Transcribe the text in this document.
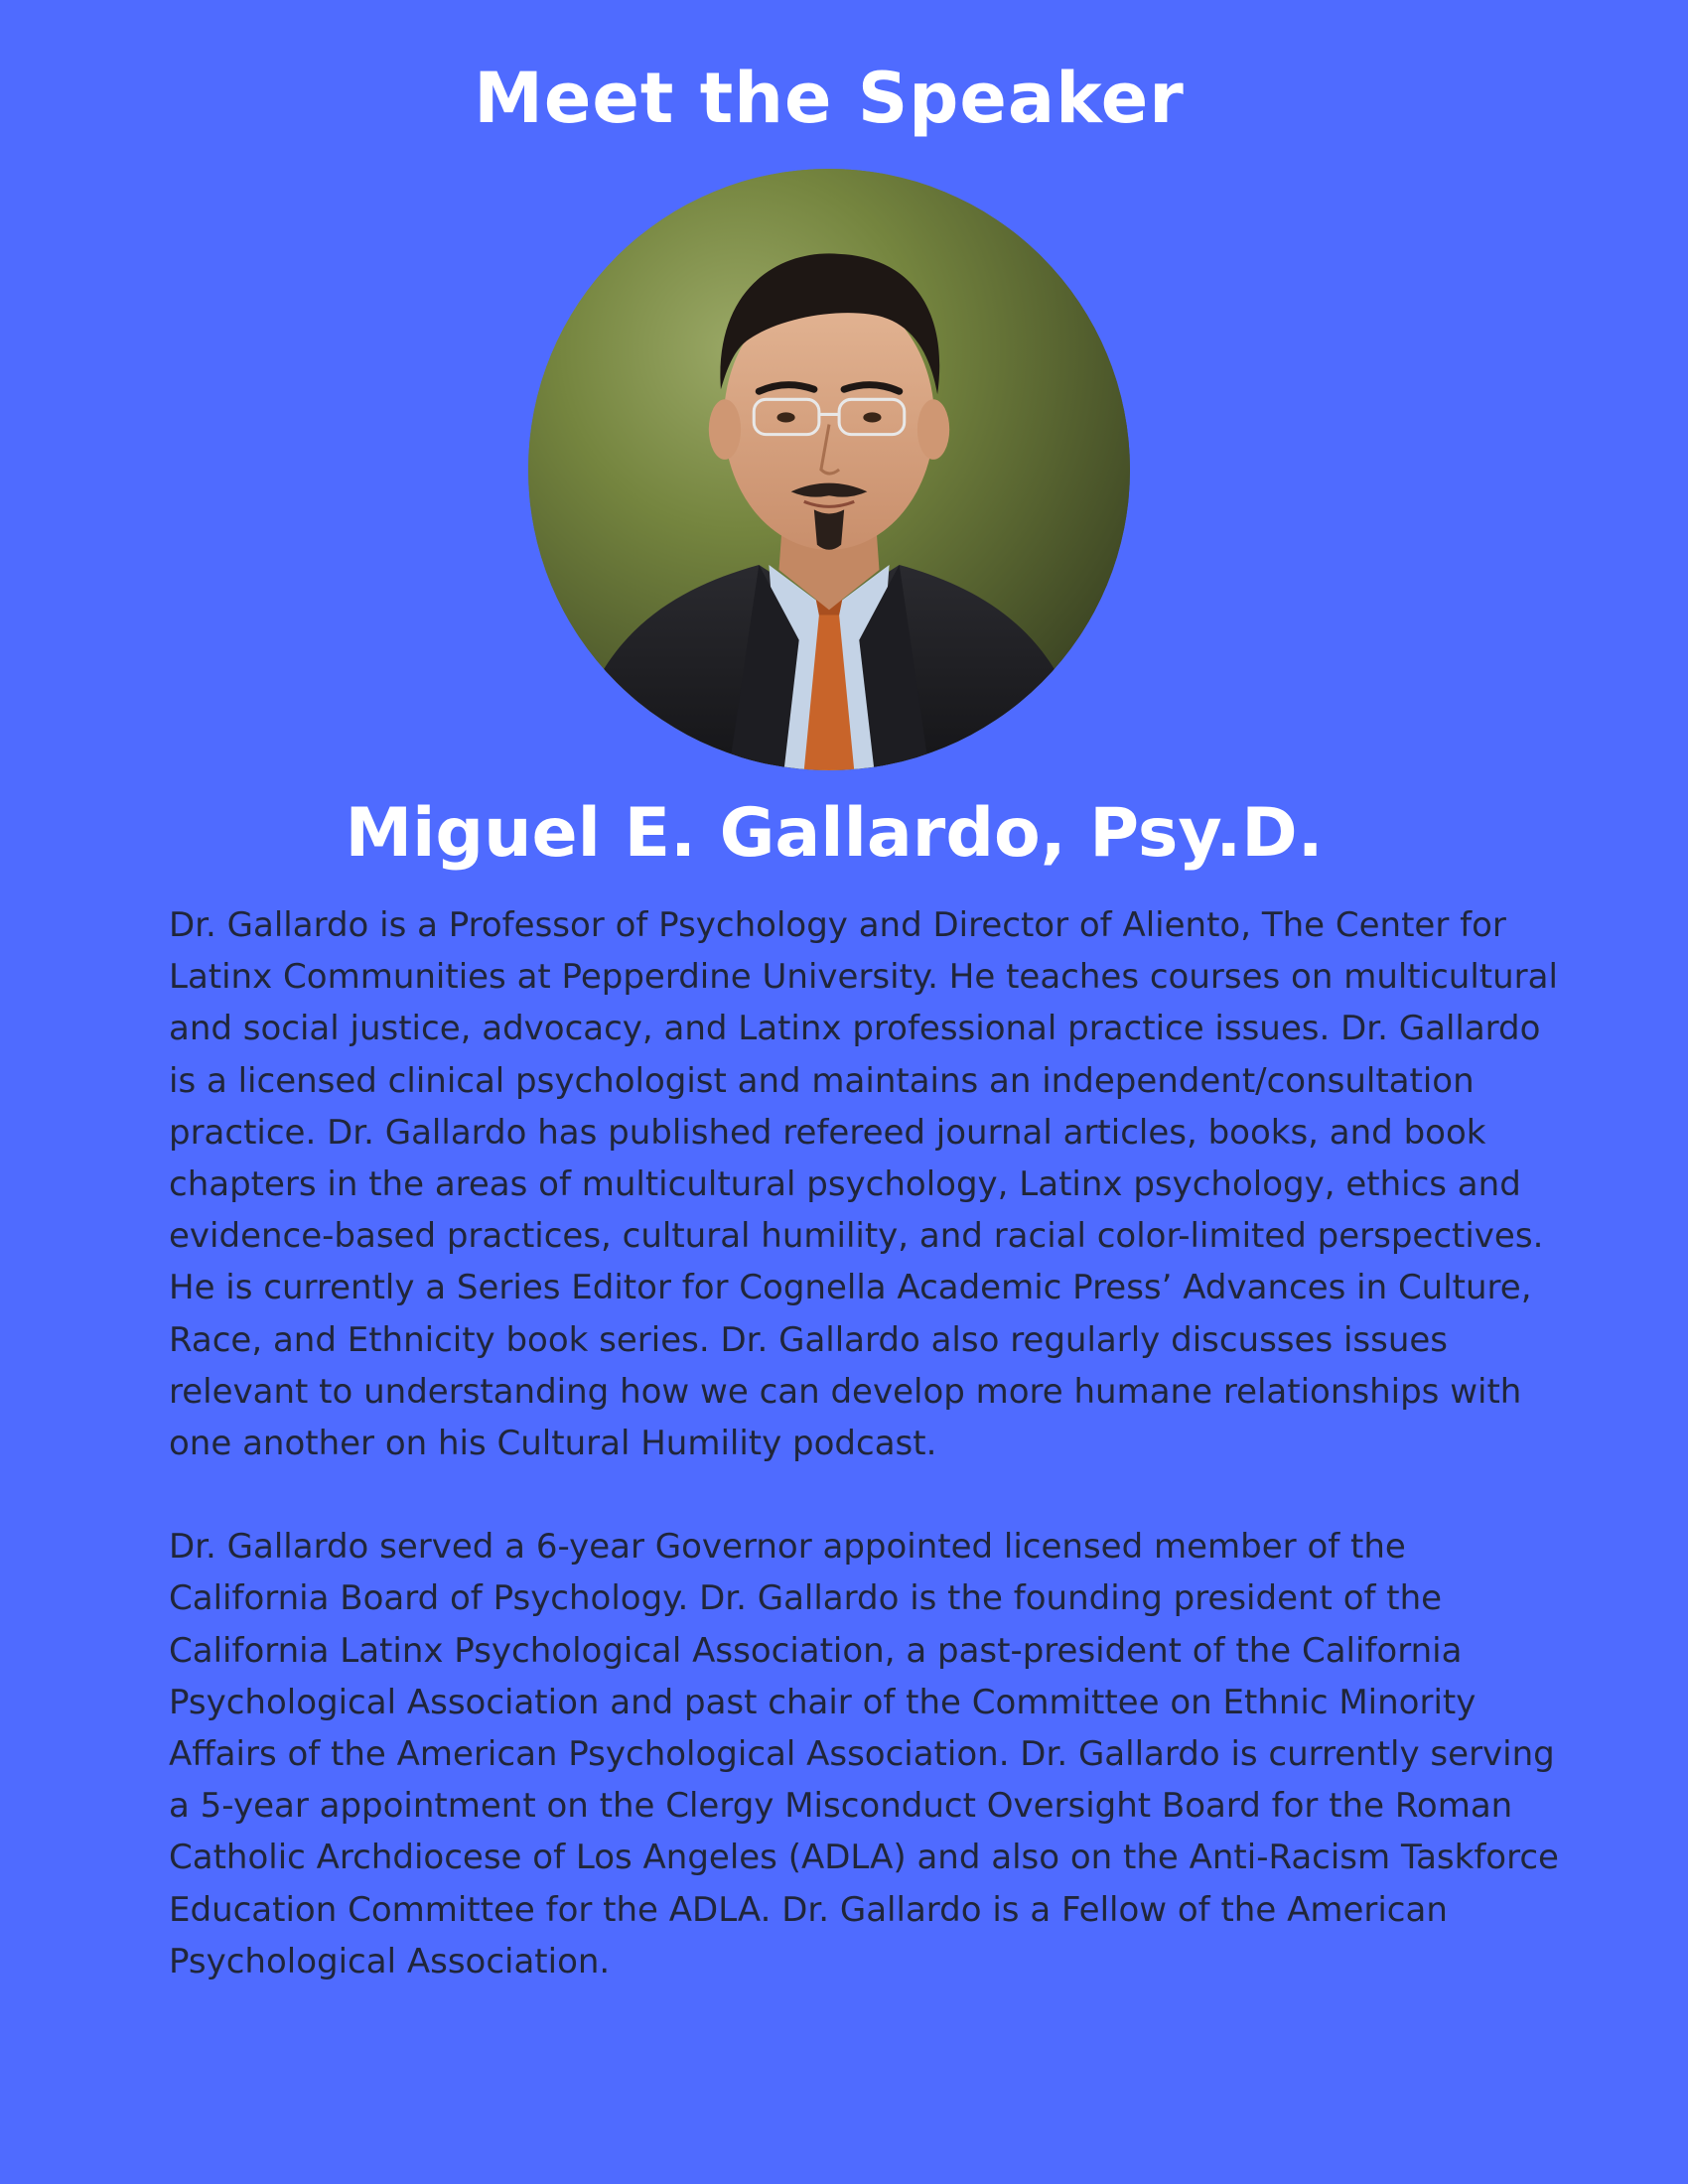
Meet the Speaker
Miguel E. Gallardo, Psy.D.

Dr. Gallardo is a Professor of Psychology and Director of Aliento, The Center for Latinx Communities at Pepperdine University. He teaches courses on multicultural and social justice, advocacy, and Latinx professional practice issues. Dr. Gallardo is a licensed clinical psychologist and maintains an independent/consultation practice. Dr. Gallardo has published refereed journal articles, books, and book chapters in the areas of multicultural psychology, Latinx psychology, ethics and evidence-based practices, cultural humility, and racial color-limited perspectives. He is currently a Series Editor for Cognella Academic Press’ Advances in Culture, Race, and Ethnicity book series. Dr. Gallardo also regularly discusses issues relevant to understanding how we can develop more humane relationships with one another on his Cultural Humility podcast.

Dr. Gallardo served a 6-year Governor appointed licensed member of the California Board of Psychology. Dr. Gallardo is the founding president of the California Latinx Psychological Association, a past-president of the California Psychological Association and past chair of the Committee on Ethnic Minority Affairs of the American Psychological Association. Dr. Gallardo is currently serving a 5-year appointment on the Clergy Misconduct Oversight Board for the Roman Catholic Archdiocese of Los Angeles (ADLA) and also on the Anti-Racism Taskforce Education Committee for the ADLA. Dr. Gallardo is a Fellow of the American Psychological Association.
